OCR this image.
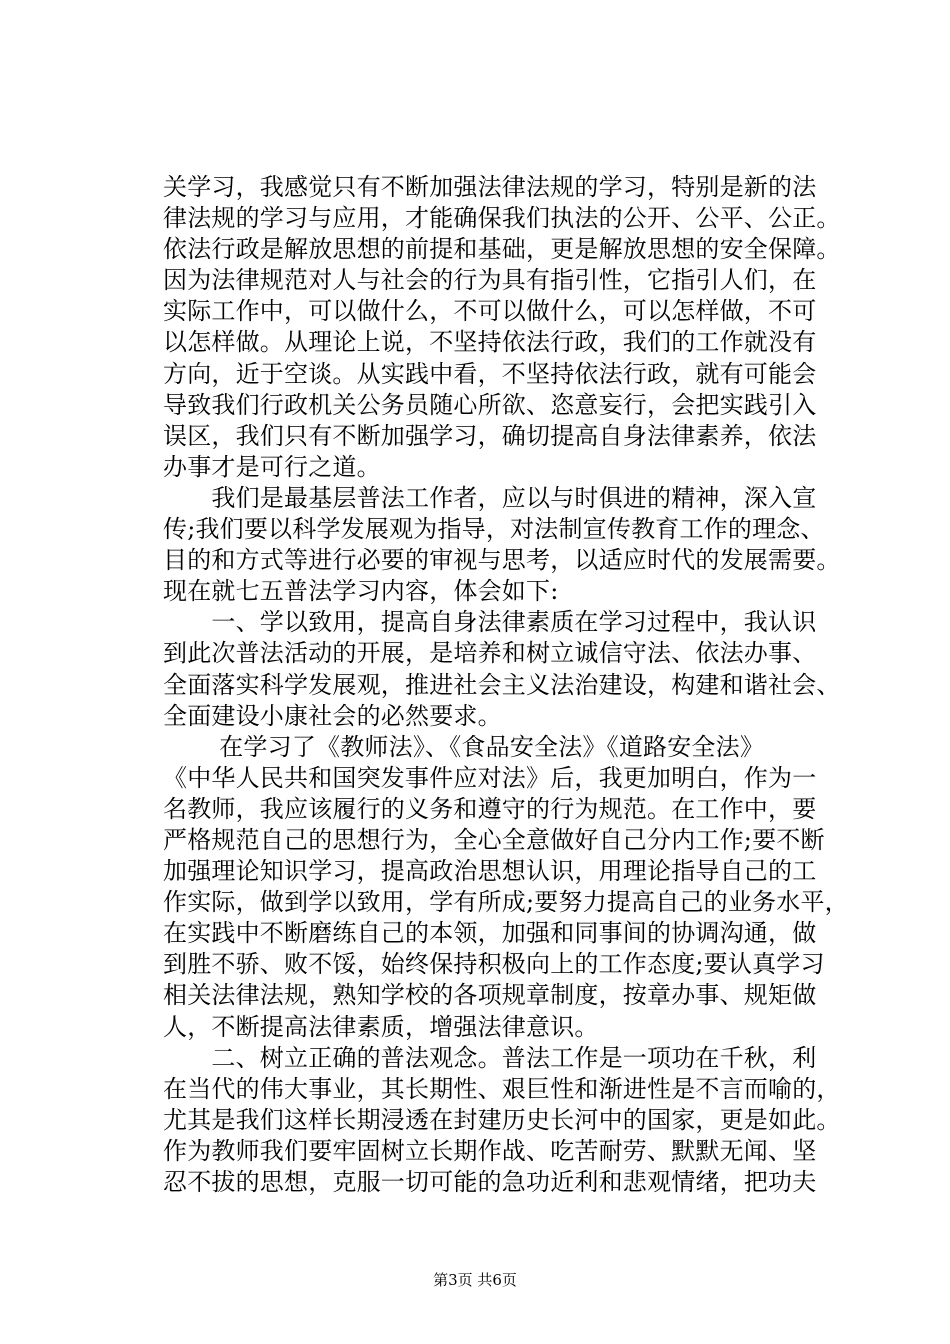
关学习，我感觉只有不断加强法律法规的学习，特别是新的法
律法规的学习与应用，才能确保我们执法的公开、公平、公正。
依法行政是解放思想的前提和基础，更是解放思想的安全保障。
因为法律规范对人与社会的行为具有指引性，它指引人们，在
实际工作中，可以做什么，不可以做什么，可以怎样做，不可
以怎样做。从理论上说，不坚持依法行政，我们的工作就没有
方向，近于空谈。从实践中看，不坚持依法行政，就有可能会
导致我们行政机关公务员随心所欲、恣意妄行，会把实践引入
误区，我们只有不断加强学习，确切提高自身法律素养，依法
办事才是可行之道。
　　我们是最基层普法工作者，应以与时俱进的精神，深入宣
传;我们要以科学发展观为指导，对法制宣传教育工作的理念、
目的和方式等进行必要的审视与思考，以适应时代的发展需要。
现在就七五普法学习内容，体会如下:
　　一、学以致用，提高自身法律素质在学习过程中，我认识
到此次普法活动的开展，是培养和树立诚信守法、依法办事、
全面落实科学发展观，推进社会主义法治建设，构建和谐社会、
全面建设小康社会的必然要求。
　　 在学习了《教师法》、《食品安全法》《道路安全法》
《中华人民共和国突发事件应对法》后，我更加明白，作为一
名教师，我应该履行的义务和遵守的行为规范。在工作中，要
严格规范自己的思想行为，全心全意做好自己分内工作;要不断
加强理论知识学习，提高政治思想认识，用理论指导自己的工
作实际，做到学以致用，学有所成;要努力提高自己的业务水平，
在实践中不断磨练自己的本领，加强和同事间的协调沟通，做
到胜不骄、败不馁，始终保持积极向上的工作态度;要认真学习
相关法律法规，熟知学校的各项规章制度，按章办事、规矩做
人，不断提高法律素质，增强法律意识。
　　二、树立正确的普法观念。普法工作是一项功在千秋，利
在当代的伟大事业，其长期性、艰巨性和渐进性是不言而喻的，
尤其是我们这样长期浸透在封建历史长河中的国家，更是如此。
作为教师我们要牢固树立长期作战、吃苦耐劳、默默无闻、坚
忍不拔的思想，克服一切可能的急功近利和悲观情绪，把功夫
第3页 共6页
